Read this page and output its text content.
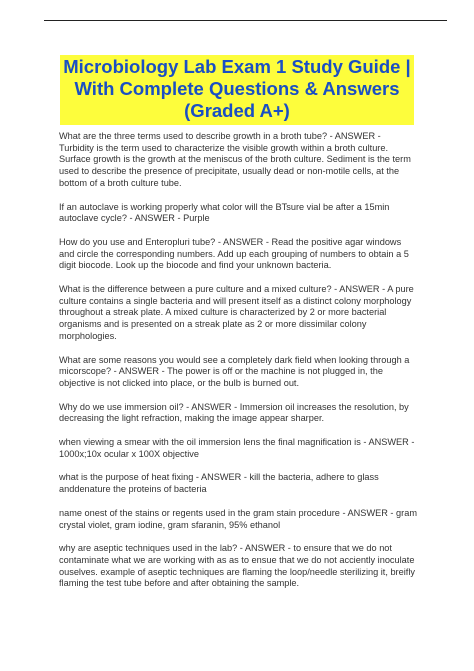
Microbiology Lab Exam 1 Study Guide |
With Complete Questions & Answers
(Graded A+)
What are the three terms used to describe growth in a broth tube? - ANSWER -
Turbidity is the term used to characterize the visible growth within a broth culture.
Surface growth is the growth at the meniscus of the broth culture. Sediment is the term
used to describe the presence of precipitate, usually dead or non-motile cells, at the
bottom of a broth culture tube.
If an autoclave is working properly what color will the BTsure vial be after a 15min
autoclave cycle? - ANSWER - Purple
How do you use and Enteropluri tube? - ANSWER - Read the positive agar windows
and circle the corresponding numbers. Add up each grouping of numbers to obtain a 5
digit biocode. Look up the biocode and find your unknown bacteria.
What is the difference between a pure culture and a mixed culture? - ANSWER - A pure
culture contains a single bacteria and will present itself as a distinct colony morphology
throughout a streak plate. A mixed culture is characterized by 2 or more bacterial
organisms and is presented on a streak plate as 2 or more dissimilar colony
morphologies.
What are some reasons you would see a completely dark field when looking through a
micorscope? - ANSWER - The power is off or the machine is not plugged in, the
objective is not clicked into place, or the bulb is burned out.
Why do we use immersion oil? - ANSWER - Immersion oil increases the resolution, by
decreasing the light refraction, making the image appear sharper.
when viewing a smear with the oil immersion lens the final magnification is - ANSWER -
1000x;10x ocular x 100X objective
what is the purpose of heat fixing - ANSWER - kill the bacteria, adhere to glass
anddenature the proteins of bacteria
name onest of the stains or regents used in the gram stain procedure - ANSWER - gram
crystal violet, gram iodine, gram sfaranin, 95% ethanol
why are aseptic techniques used in the lab? - ANSWER - to ensure that we do not
contaminate what we are working with as as to ensue that we do not acciently inoculate
ouselves. example of aseptic techniques are flaming the loop/needle sterilizing it, breifly
flaming the test tube before and after obtaining the sample.
